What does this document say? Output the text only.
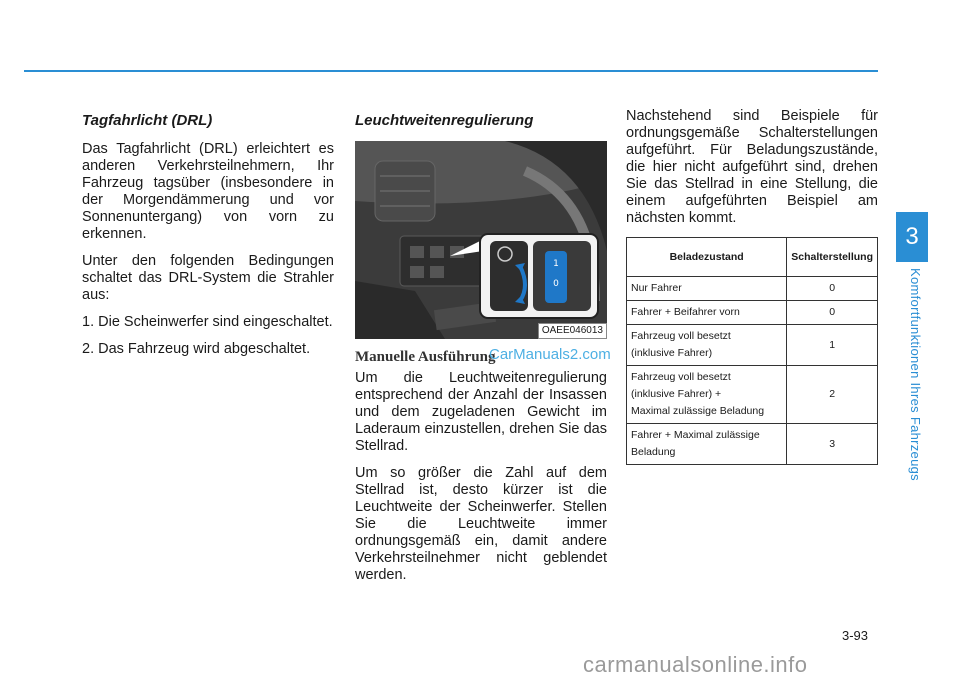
3
Komfortfunktionen Ihres Fahrzeugs
Tagfahrlicht (DRL)

Das Tagfahrlicht (DRL) erleichtert es anderen Verkehrsteilnehmern, Ihr Fahrzeug tagsüber (insbesondere in der Morgendämmerung und vor Sonnenuntergang) von vorn zu erkennen.

Unter den folgenden Bedingungen schaltet das DRL-System die Strahler aus:

1. Die Scheinwerfer sind eingeschaltet.

2. Das Fahrzeug wird abgeschaltet.

Leuchtweitenregulierung
1
0
OAEE046013
Manuelle Ausführung

Um die Leuchtweitenregulierung entsprechend der Anzahl der Insassen und dem zugeladenen Gewicht im Laderaum einzustellen, drehen Sie das Stellrad.

Um so größer die Zahl auf dem Stellrad ist, desto kürzer ist die Leuchtweite der Scheinwerfer. Stellen Sie die Leuchtweite immer ordnungsgemäß ein, damit andere Verkehrsteilnehmer nicht geblendet werden.

Nachstehend sind Beispiele für ordnungsgemäße Schalterstellungen aufgeführt. Für Beladungszustände, die hier nicht aufgeführt sind, drehen Sie das Stellrad in eine Stellung, die einem aufgeführten Beispiel am nächsten kommt.

Beladezustand	Schalterstellung
Nur Fahrer	0
Fahrer + Beifahrer vorn	0
Fahrzeug voll besetzt
(inklusive Fahrer)	1
Fahrzeug voll besetzt
(inklusive Fahrer) +
Maximal zulässige Beladung	2
Fahrer + Maximal zulässige
Beladung	3
CarManuals2.com
3-93
carmanualsonline.info
